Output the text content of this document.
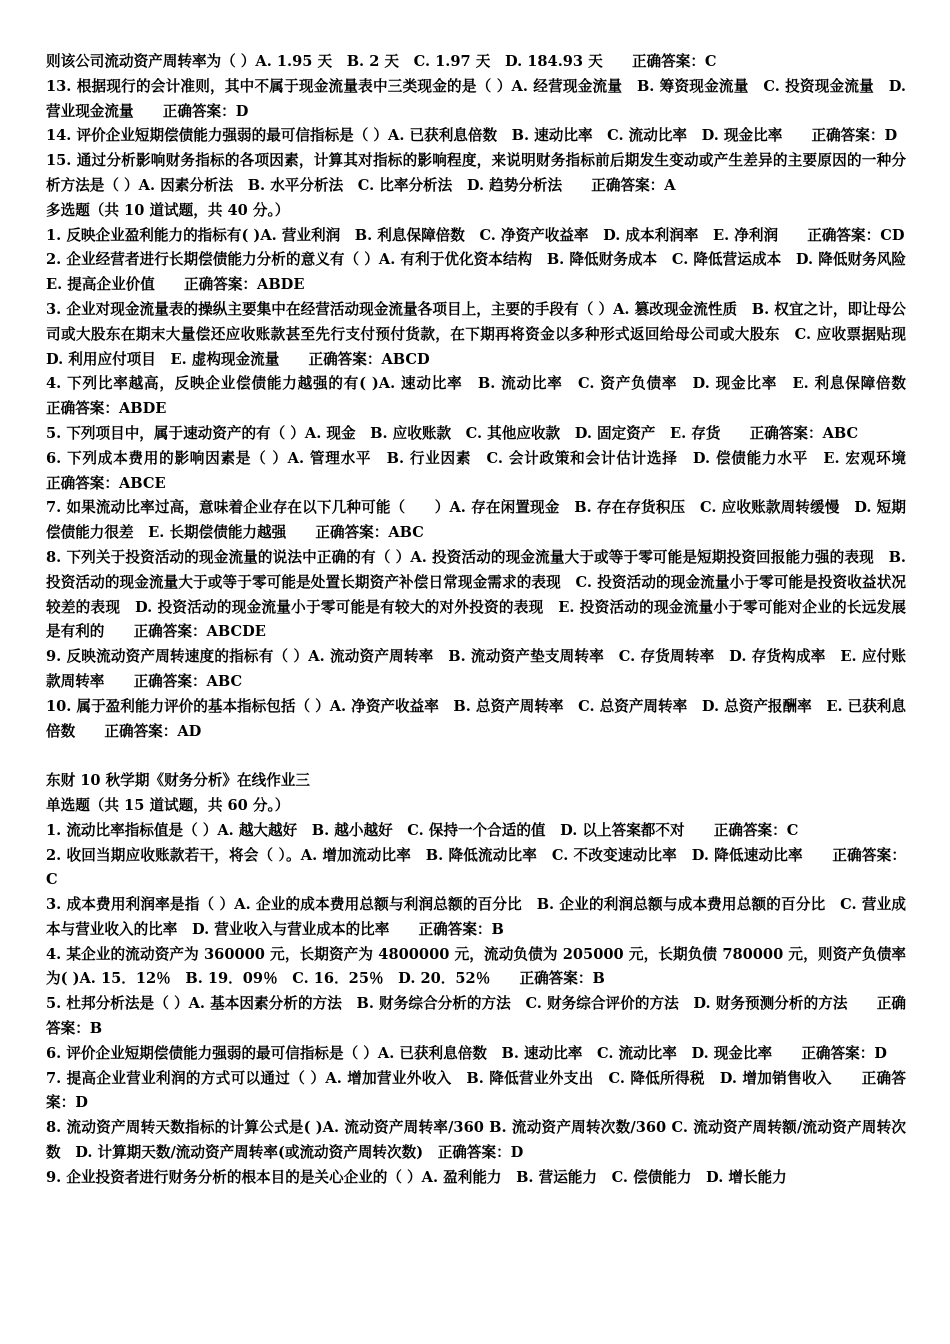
则该公司流动资产周转率为（ ）A. 1.95 天　B. 2 天　C. 1.97 天　D. 184.93 天　　正确答案：C

13. 根据现行的会计准则，其中不属于现金流量表中三类现金的是（ ）A. 经营现金流量　B. 筹资现金流量　C. 投资现金流量　D. 营业现金流量　　正确答案：D

14. 评价企业短期偿债能力强弱的最可信指标是（ ）A. 已获利息倍数　B. 速动比率　C. 流动比率　D. 现金比率　　正确答案：D

15. 通过分析影响财务指标的各项因素，计算其对指标的影响程度，来说明财务指标前后期发生变动或产生差异的主要原因的一种分析方法是（ ）A. 因素分析法　B. 水平分析法　C. 比率分析法　D. 趋势分析法　　正确答案：A

多选题（共 10 道试题，共 40 分。）

1. 反映企业盈利能力的指标有( )A. 营业利润　B. 利息保障倍数　C. 净资产收益率　D. 成本利润率　E. 净利润　　正确答案：CD

2. 企业经营者进行长期偿债能力分析的意义有（ ）A. 有利于优化资本结构　B. 降低财务成本　C. 降低营运成本　D. 降低财务风险　E. 提高企业价值　　正确答案：ABDE

3. 企业对现金流量表的操纵主要集中在经营活动现金流量各项目上，主要的手段有（ ）A. 篡改现金流性质　B. 权宜之计，即让母公司或大股东在期末大量偿还应收账款甚至先行支付预付货款，在下期再将资金以多种形式返回给母公司或大股东　C. 应收票据贴现　D. 利用应付项目　E. 虚构现金流量　　正确答案：ABCD

4. 下列比率越高，反映企业偿债能力越强的有( )A. 速动比率　B. 流动比率　C. 资产负债率　D. 现金比率　E. 利息保障倍数　　正确答案：ABDE

5. 下列项目中，属于速动资产的有（ ）A. 现金　B. 应收账款　C. 其他应收款　D. 固定资产　E. 存货　　正确答案：ABC

6. 下列成本费用的影响因素是（ ）A. 管理水平　B. 行业因素　C. 会计政策和会计估计选择　D. 偿债能力水平　E. 宏观环境　　正确答案：ABCE

7. 如果流动比率过高，意味着企业存在以下几种可能（　　）A. 存在闲置现金　B. 存在存货积压　C. 应收账款周转缓慢　D. 短期偿债能力很差　E. 长期偿债能力越强　　正确答案：ABC

8. 下列关于投资活动的现金流量的说法中正确的有（ ）A. 投资活动的现金流量大于或等于零可能是短期投资回报能力强的表现　B. 投资活动的现金流量大于或等于零可能是处置长期资产补偿日常现金需求的表现　C. 投资活动的现金流量小于零可能是投资收益状况较差的表现　D. 投资活动的现金流量小于零可能是有较大的对外投资的表现　E. 投资活动的现金流量小于零可能对企业的长远发展是有利的　　正确答案：ABCDE

9. 反映流动资产周转速度的指标有（ ）A. 流动资产周转率　B. 流动资产垫支周转率　C. 存货周转率　D. 存货构成率　E. 应付账款周转率　　正确答案：ABC

10. 属于盈利能力评价的基本指标包括（ ）A. 净资产收益率　B. 总资产周转率　C. 总资产周转率　D. 总资产报酬率　E. 已获利息倍数　　正确答案：AD

东财 10 秋学期《财务分析》在线作业三

单选题（共 15 道试题，共 60 分。）

1. 流动比率指标值是（ ）A. 越大越好　B. 越小越好　C. 保持一个合适的值　D. 以上答案都不对　　正确答案：C

2. 收回当期应收账款若干，将会（ ）。A. 增加流动比率　B. 降低流动比率　C. 不改变速动比率　D. 降低速动比率　　正确答案：C

3. 成本费用利润率是指（ ）A. 企业的成本费用总额与利润总额的百分比　B. 企业的利润总额与成本费用总额的百分比　C. 营业成本与营业收入的比率　D. 营业收入与营业成本的比率　　正确答案：B

4. 某企业的流动资产为 360000 元，长期资产为 4800000 元，流动负债为 205000 元，长期负债 780000 元，则资产负债率为( )A. 15．12％　B. 19．09％　C. 16．25％　D. 20．52％　　正确答案：B

5. 杜邦分析法是（ ）A. 基本因素分析的方法　B. 财务综合分析的方法　C. 财务综合评价的方法　D. 财务预测分析的方法　　正确答案：B

6. 评价企业短期偿债能力强弱的最可信指标是（ ）A. 已获利息倍数　B. 速动比率　C. 流动比率　D. 现金比率　　正确答案：D

7. 提高企业营业利润的方式可以通过（ ）A. 增加营业外收入　B. 降低营业外支出　C. 降低所得税　D. 增加销售收入　　正确答案：D

8. 流动资产周转天数指标的计算公式是( )A. 流动资产周转率/360 B. 流动资产周转次数/360 C. 流动资产周转额/流动资产周转次数　D. 计算期天数/流动资产周转率(或流动资产周转次数)　正确答案：D

9. 企业投资者进行财务分析的根本目的是关心企业的（ ）A. 盈利能力　B. 营运能力　C. 偿债能力　D. 增长能力
